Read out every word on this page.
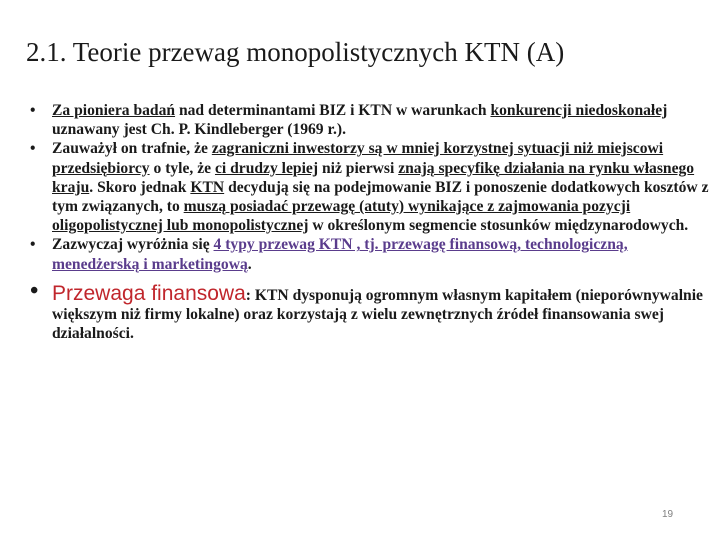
2.1. Teorie przewag monopolistycznych KTN (A)
• Za pioniera badań nad determinantami BIZ i KTN w warunkach konkurencji niedoskonałej uznawany jest Ch. P. Kindleberger (1969 r.).
• Zauważył on trafnie, że zagraniczni inwestorzy są w mniej korzystnej sytuacji niż miejscowi przedsiębiorcy o tyle, że ci drudzy lepiej niż pierwsi znają specyfikę działania na rynku własnego kraju. Skoro jednak KTN decydują się na podejmowanie BIZ i ponoszenie dodatkowych kosztów z tym związanych, to muszą posiadać przewagę (atuty) wynikające z zajmowania pozycji oligopolistycznej lub monopolistycznej w określonym segmencie stosunków międzynarodowych.
• Zazwyczaj wyróżnia się 4 typy przewag KTN , tj. przewagę finansową, technologiczną, menedżerską i marketingową.
• Przewaga finansowa: KTN dysponują ogromnym własnym kapitałem (nieporównywalnie większym niż firmy lokalne) oraz korzystają z wielu zewnętrznych źródeł finansowania swej działalności.
19
